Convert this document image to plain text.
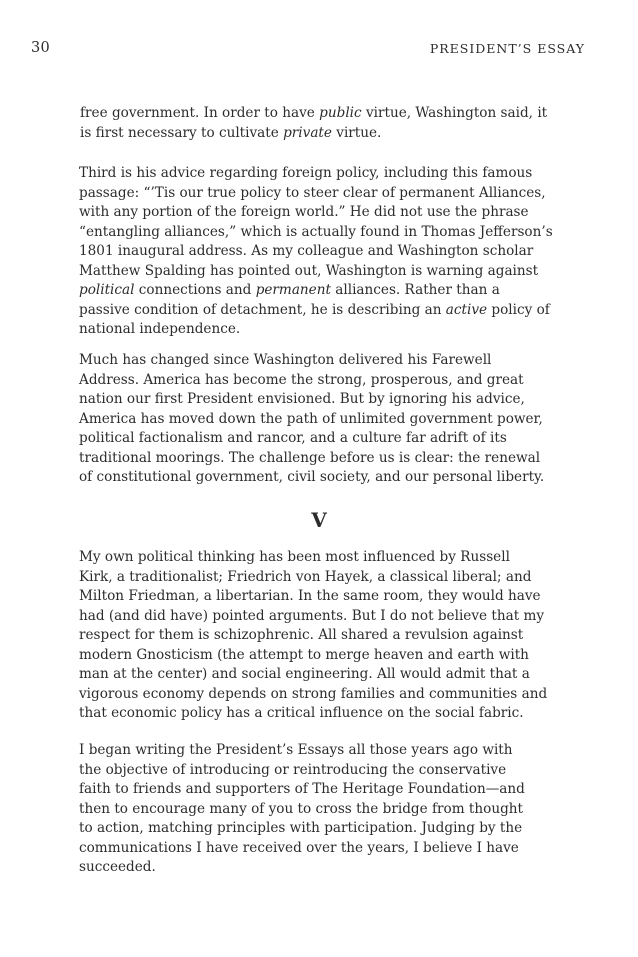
30	PRESIDENT’S ESSAY
free government. In order to have public virtue, Washington said, it
is first necessary to cultivate private virtue.
Third is his advice regarding foreign policy, including this famous
passage: “’Tis our true policy to steer clear of permanent Alliances,
with any portion of the foreign world.” He did not use the phrase
“entangling alliances,” which is actually found in Thomas Jefferson’s
1801 inaugural address. As my colleague and Washington scholar
Matthew Spalding has pointed out, Washington is warning against
political connections and permanent alliances. Rather than a
passive condition of detachment, he is describing an active policy of
national independence.
Much has changed since Washington delivered his Farewell
Address. America has become the strong, prosperous, and great
nation our first President envisioned. But by ignoring his advice,
America has moved down the path of unlimited government power,
political factionalism and rancor, and a culture far adrift of its
traditional moorings. The challenge before us is clear: the renewal
of constitutional government, civil society, and our personal liberty.
V
My own political thinking has been most influenced by Russell
Kirk, a traditionalist; Friedrich von Hayek, a classical liberal; and
Milton Friedman, a libertarian. In the same room, they would have
had (and did have) pointed arguments. But I do not believe that my
respect for them is schizophrenic. All shared a revulsion against
modern Gnosticism (the attempt to merge heaven and earth with
man at the center) and social engineering. All would admit that a
vigorous economy depends on strong families and communities and
that economic policy has a critical influence on the social fabric.
I began writing the President’s Essays all those years ago with
the objective of introducing or reintroducing the conservative
faith to friends and supporters of The Heritage Foundation—and
then to encourage many of you to cross the bridge from thought
to action, matching principles with participation. Judging by the
communications I have received over the years, I believe I have
succeeded.
